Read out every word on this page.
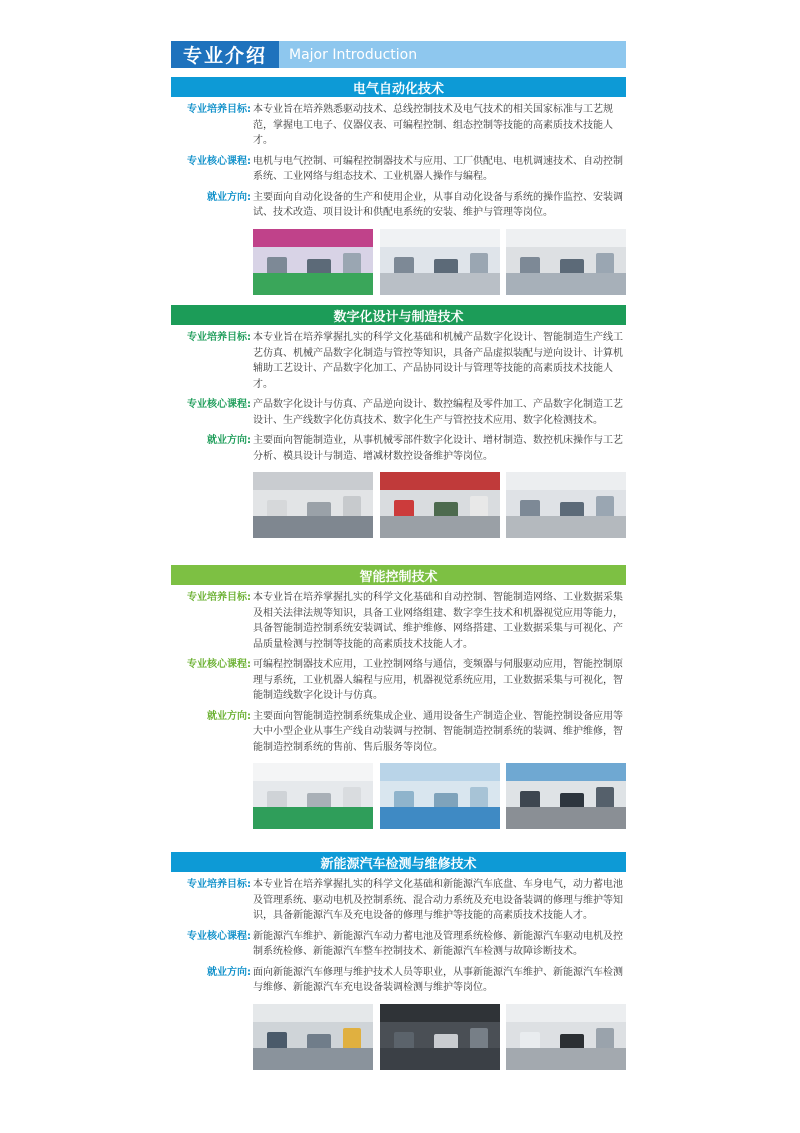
专业介绍	Major Introduction
电气自动化技术
专业培养目标: 本专业旨在培养熟悉驱动技术、总线控制技术及电气技术的相关国家标准与工艺规范，掌握电工电子、仪器仪表、可编程控制、组态控制等技能的高素质技术技能人才。
专业核心课程: 电机与电气控制、可编程控制器技术与应用、工厂供配电、电机调速技术、自动控制系统、工业网络与组态技术、工业机器人操作与编程。
就业方向: 主要面向自动化设备的生产和使用企业，从事自动化设备与系统的操作监控、安装调试、技术改造、项目设计和供配电系统的安装、维护与管理等岗位。
数字化设计与制造技术
专业培养目标: 本专业旨在培养掌握扎实的科学文化基础和机械产品数字化设计、智能制造生产线工艺仿真、机械产品数字化制造与管控等知识，具备产品虚拟装配与逆向设计、计算机辅助工艺设计、产品数字化加工、产品协同设计与管理等技能的高素质技术技能人才。
专业核心课程: 产品数字化设计与仿真、产品逆向设计、数控编程及零件加工、产品数字化制造工艺设计、生产线数字化仿真技术、数字化生产与管控技术应用、数字化检测技术。
就业方向: 主要面向智能制造业，从事机械零部件数字化设计、增材制造、数控机床操作与工艺分析、模具设计与制造、增减材数控设备维护等岗位。
智能控制技术
专业培养目标: 本专业旨在培养掌握扎实的科学文化基础和自动控制、智能制造网络、工业数据采集及相关法律法规等知识，具备工业网络组建、数字孪生技术和机器视觉应用等能力，具备智能制造控制系统安装调试、维护维修、网络搭建、工业数据采集与可视化、产品质量检测与控制等技能的高素质技术技能人才。
专业核心课程: 可编程控制器技术应用，工业控制网络与通信，变频器与伺服驱动应用，智能控制原理与系统，工业机器人编程与应用，机器视觉系统应用，工业数据采集与可视化，智能制造线数字化设计与仿真。
就业方向: 主要面向智能制造控制系统集成企业、通用设备生产制造企业、智能控制设备应用等大中小型企业从事生产线自动装调与控制、智能制造控制系统的装调、维护维修，智能制造控制系统的售前、售后服务等岗位。
新能源汽车检测与维修技术
专业培养目标: 本专业旨在培养掌握扎实的科学文化基础和新能源汽车底盘、车身电气，动力蓄电池及管理系统、驱动电机及控制系统、混合动力系统及充电设备装调的修理与维护等知识，具备新能源汽车及充电设备的修理与维护等技能的高素质技术技能人才。
专业核心课程: 新能源汽车维护、新能源汽车动力蓄电池及管理系统检修、新能源汽车驱动电机及控制系统检修、新能源汽车整车控制技术、新能源汽车检测与故障诊断技术。
就业方向: 面向新能源汽车修理与维护技术人员等职业，从事新能源汽车维护、新能源汽车检测与维修、新能源汽车充电设备装调检测与维护等岗位。
